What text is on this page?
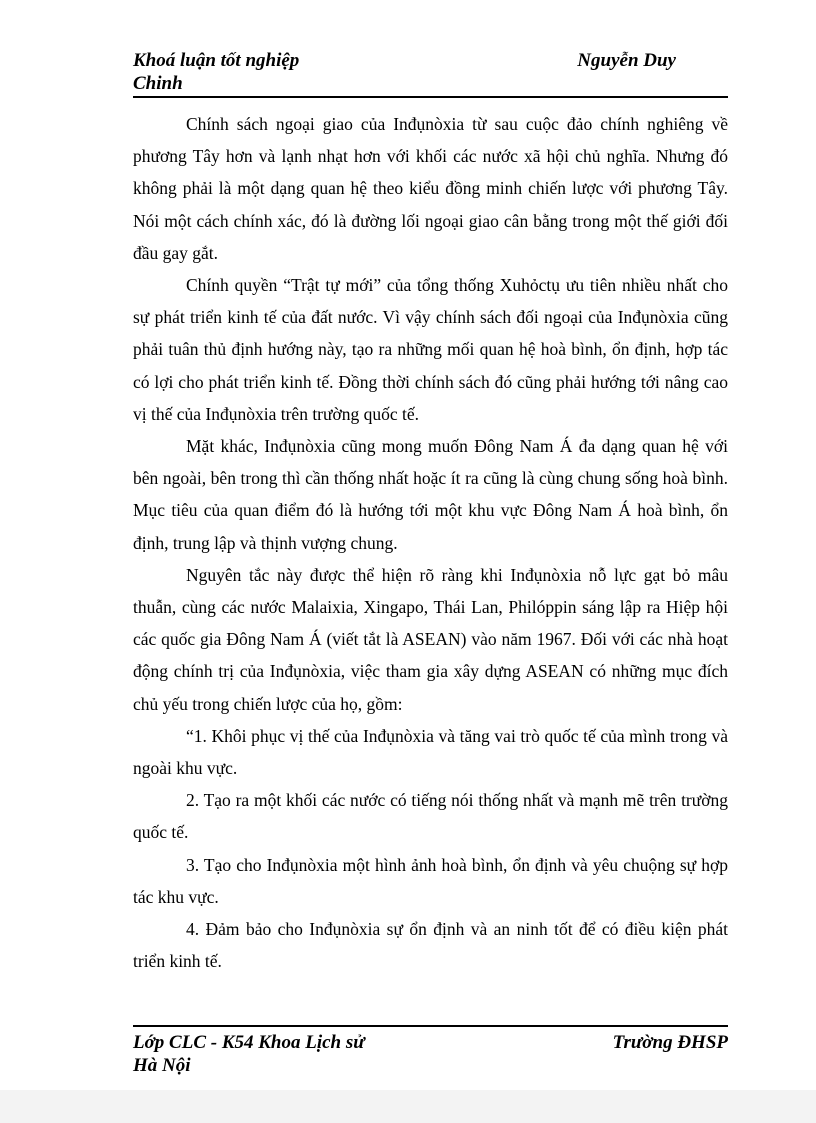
Khoá luận tốt nghiệp	Nguyễn Duy
Chinh

Chính sách ngoại giao của Inđụnòxia từ sau cuộc đảo chính nghiêng về phương Tây hơn và lạnh nhạt hơn với khối các nước xã hội chủ nghĩa. Nhưng đó không phải là một dạng quan hệ theo kiểu đồng minh chiến lược với phương Tây. Nói một cách chính xác, đó là đường lối ngoại giao cân bằng trong một thế giới đối đầu gay gắt.

Chính quyền “Trật tự mới” của tổng thống Xuhỏctụ ưu tiên nhiều nhất cho sự phát triển kinh tế của đất nước. Vì vậy chính sách đối ngoại của Inđụnòxia cũng phải tuân thủ định hướng này, tạo ra những mối quan hệ hoà bình, ổn định, hợp tác có lợi cho phát triển kinh tế. Đồng thời chính sách đó cũng phải hướng tới nâng cao vị thế của Inđụnòxia trên trường quốc tế.

Mặt khác, Inđụnòxia cũng mong muốn Đông Nam Á đa dạng quan hệ với bên ngoài, bên trong thì cần thống nhất hoặc ít ra cũng là cùng chung sống hoà bình. Mục tiêu của quan điểm đó là hướng tới một khu vực Đông Nam Á hoà bình, ổn định, trung lập và thịnh vượng chung.

Nguyên tắc này được thể hiện rõ ràng khi Inđụnòxia nỗ lực gạt bỏ mâu thuẫn, cùng các nước Malaixia, Xingapo, Thái Lan, Philóppin sáng lập ra Hiệp hội các quốc gia Đông Nam Á (viết tắt là ASEAN) vào năm 1967. Đối với các nhà hoạt động chính trị của Inđụnòxia, việc tham gia xây dựng ASEAN có những mục đích chủ yếu trong chiến lược của họ, gồm:

“1. Khôi phục vị thế của Inđụnòxia và tăng vai trò quốc tế của mình trong và ngoài khu vực.

2. Tạo ra một khối các nước có tiếng nói thống nhất và mạnh mẽ trên trường quốc tế.

3. Tạo cho Inđụnòxia một hình ảnh hoà bình, ổn định và yêu chuộng sự hợp tác khu vực.

4. Đảm bảo cho Inđụnòxia sự ổn định và an ninh tốt để có điều kiện phát triển kinh tế.

Lớp CLC - K54 Khoa Lịch sử	Trường ĐHSP
Hà Nội
